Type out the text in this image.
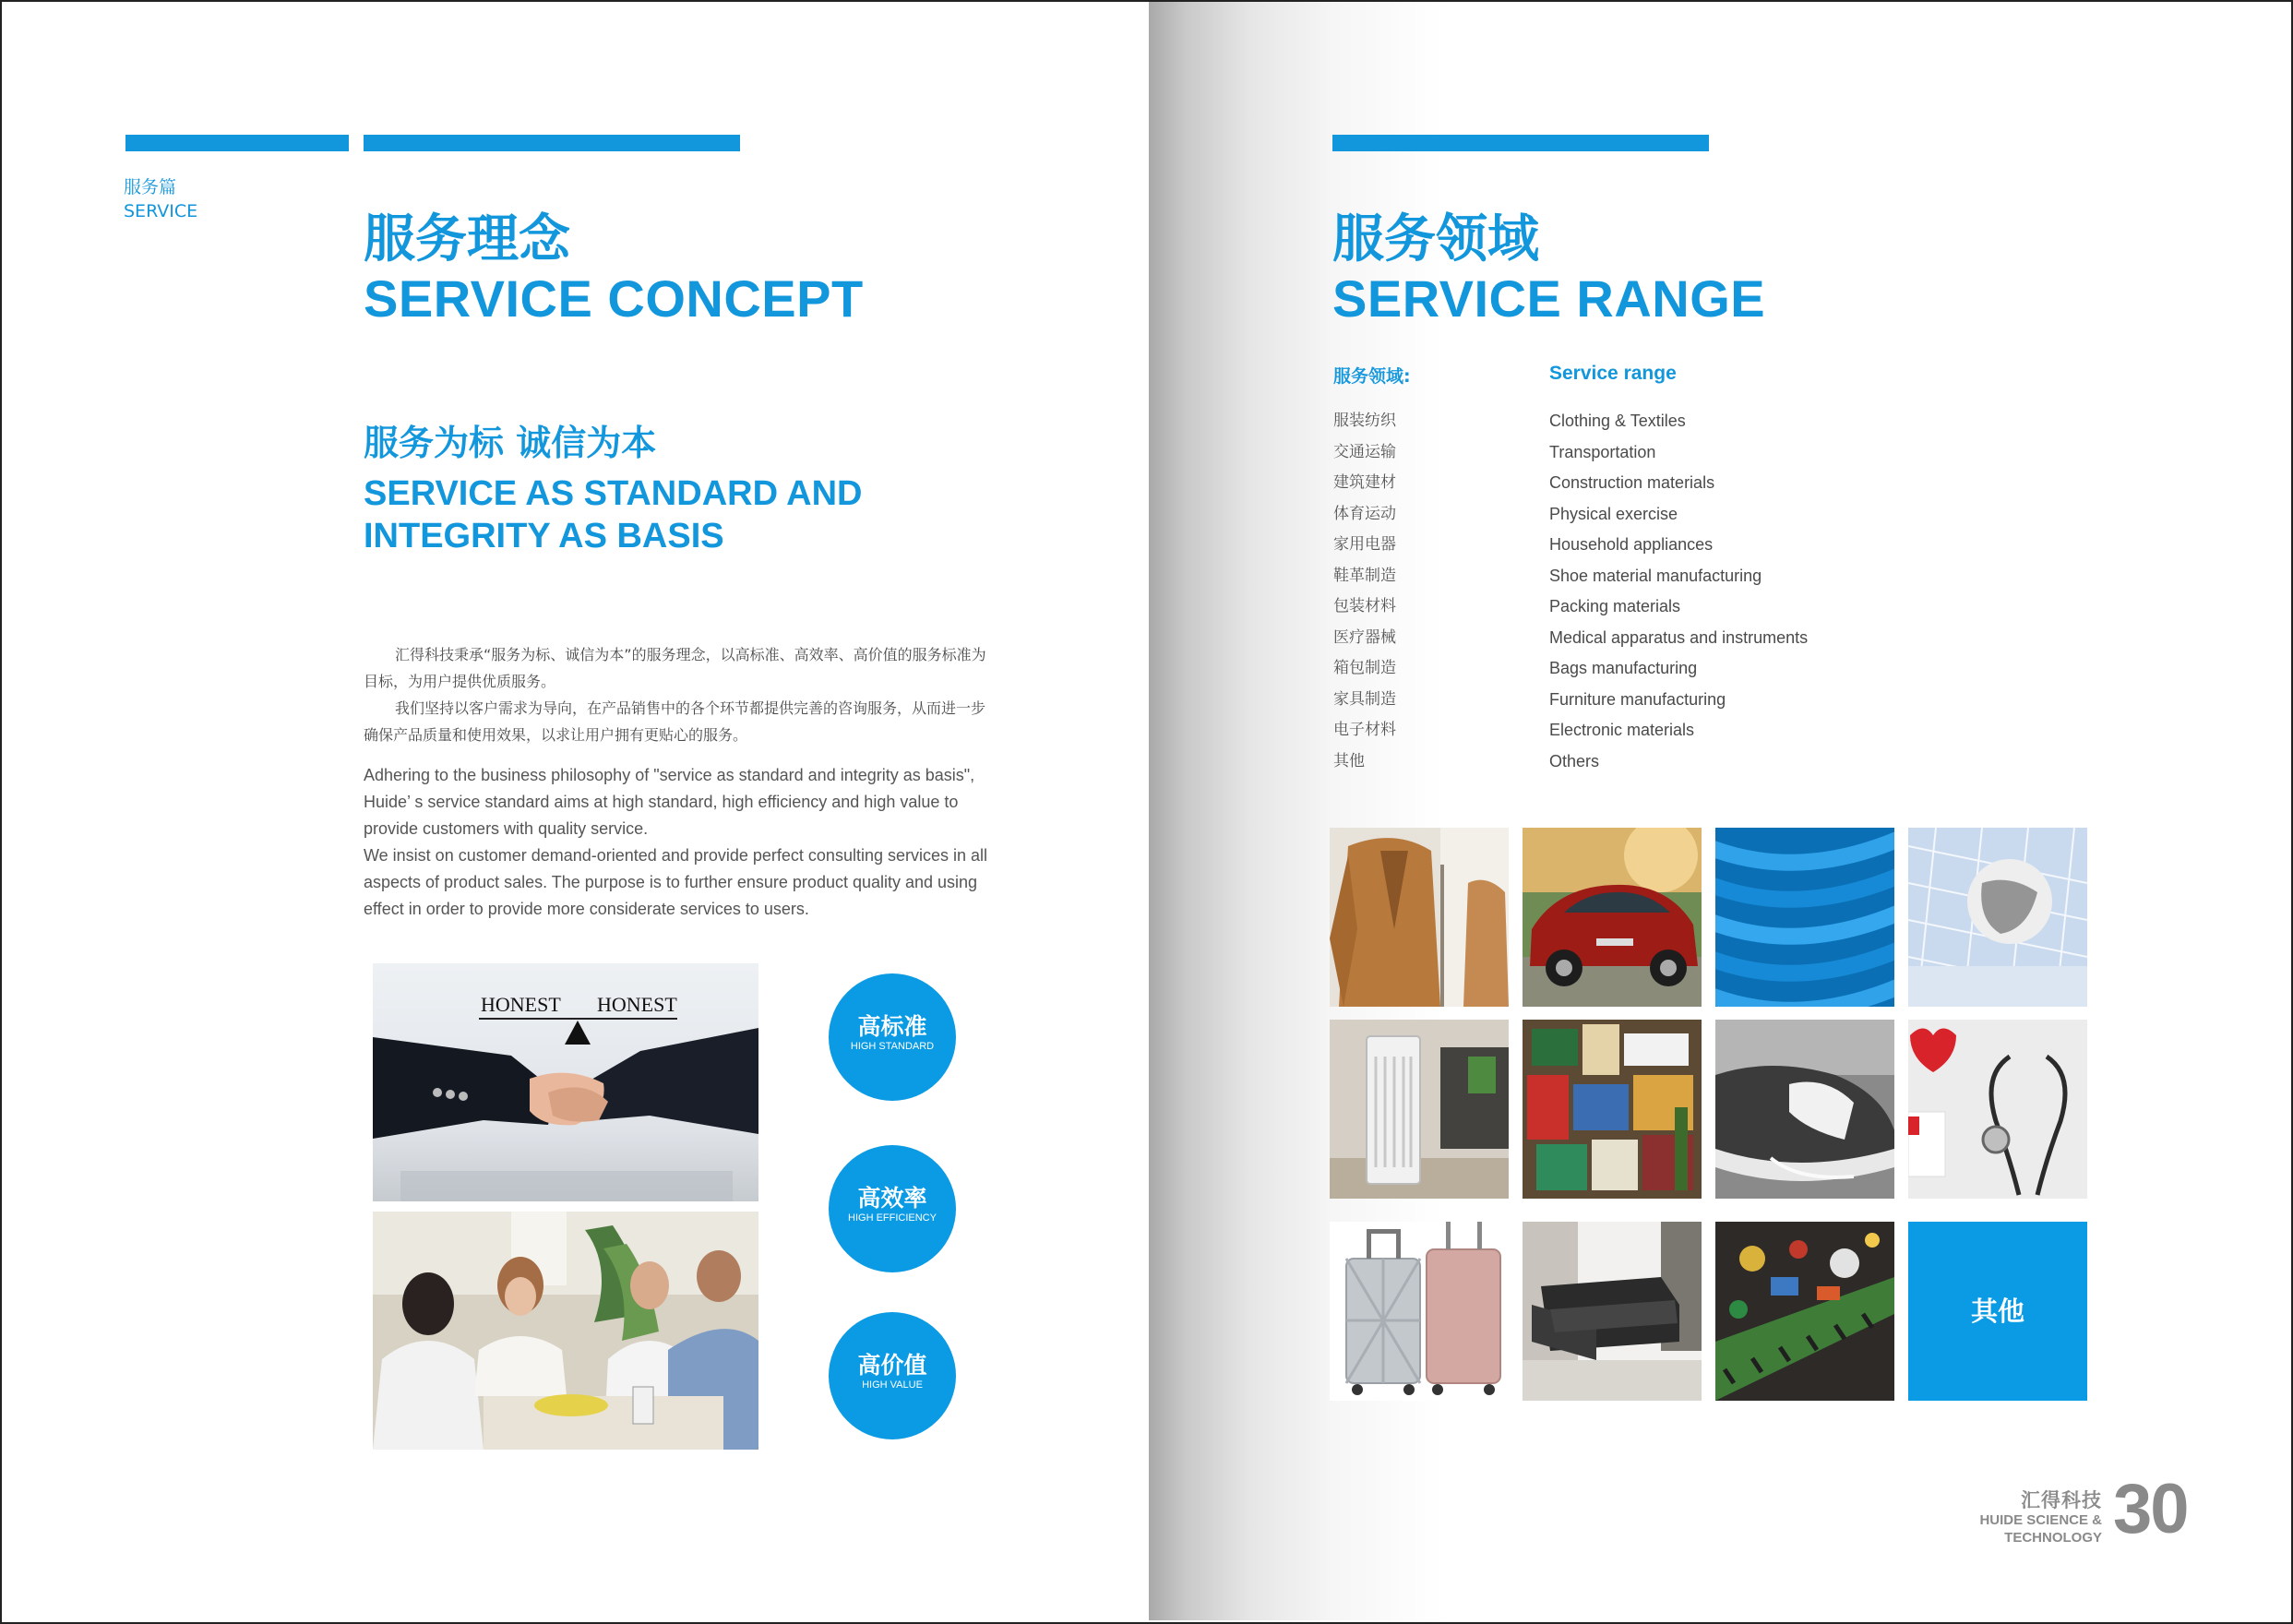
服务篇
SERVICE	服务理念
SERVICE CONCEPT
服务为标 诚信为本
SERVICE AS STANDARD AND
INTEGRITY AS BASIS

汇得科技秉承“服务为标、诚信为本”的服务理念，以高标准、高效率、高价值的服务标准为目标，为用户提供优质服务。

我们坚持以客户需求为导向，在产品销售中的各个环节都提供完善的咨询服务，从而进一步确保产品质量和使用效果，以求让用户拥有更贴心的服务。

Adhering to the business philosophy of "service as standard and integrity as basis", Huide’ s service standard aims at high standard, high efficiency and high value to provide customers with quality service.

We insist on customer demand-oriented and provide perfect consulting services in all aspects of product sales. The purpose is to further ensure product quality and using effect in order to provide more considerate services to users.

HONEST HONEST
高标准
HIGH STANDARD
高效率
HIGH EFFICIENCY
高价值
HIGH VALUE
服务领域
SERVICE RANGE
服务领域:	Service range
服装纺织
交通运输
建筑建材
体育运动
家用电器
鞋革制造
包装材料
医疗器械
箱包制造
家具制造
电子材料
其他
Clothing & Textiles
Transportation
Construction materials
Physical exercise
Household appliances
Shoe material manufacturing
Packing materials
Medical apparatus and instruments
Bags manufacturing
Furniture manufacturing
Electronic materials
Others
其他
汇得科技
HUIDE SCIENCE &
TECHNOLOGY 30
